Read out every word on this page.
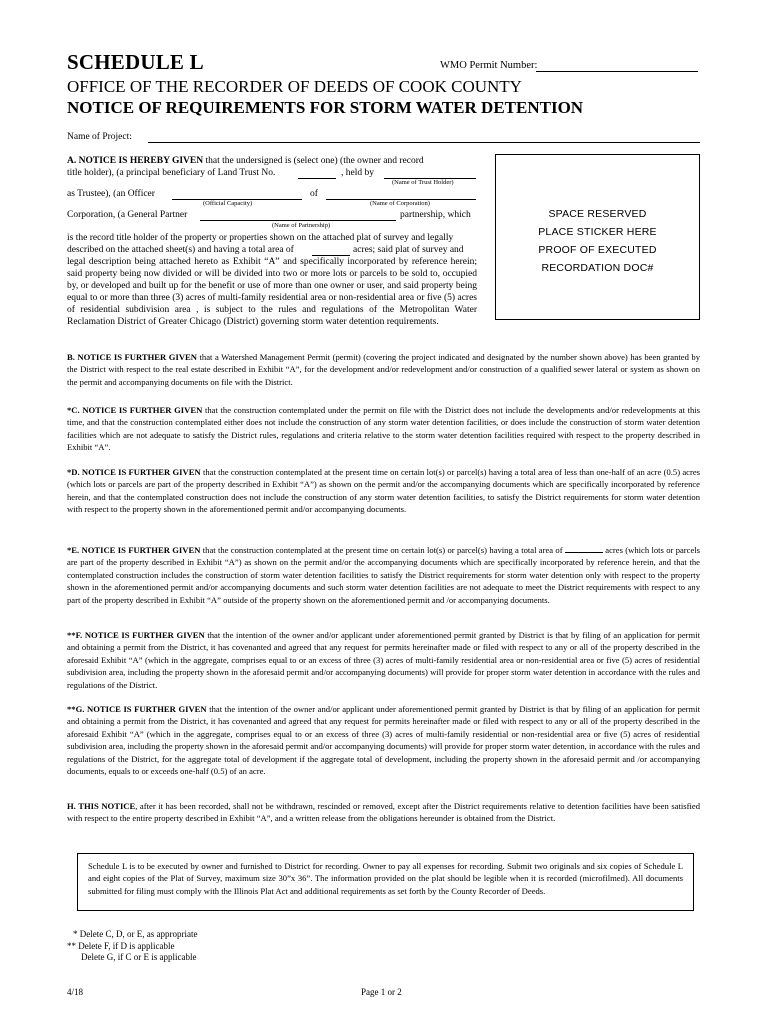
SCHEDULE L	WMO Permit Number:
OFFICE OF THE RECORDER OF DEEDS OF COOK COUNTY
NOTICE OF REQUIREMENTS FOR STORM WATER DETENTION
Name of Project:
A. NOTICE IS HEREBY GIVEN that the undersigned is (select one) (the owner and record
title holder), (a principal beneficiary of Land Trust No.	, held by
(Name of Trust Holder)
as Trustee), (an Officer	of
(Official Capacity)	(Name of Corporation)
Corporation, (a General Partner	partnership, which
(Name of Partnership)
is the record title holder of the property or properties shown on the attached plat of survey and legally
described on the attached sheet(s) and having a total area of	acres; said plat of survey and
legal description being attached hereto as Exhibit “A” and specifically incorporated by reference herein; said property being now divided or will be divided into two or more lots or parcels to be sold to, occupied by, or developed and built up for the benefit or use of more than one owner or user, and said property being equal to or more than three (3) acres of multi-family residential area or non-residential area or five (5) acres of residential subdivision area , is subject to the rules and regulations of the Metropolitan Water Reclamation District of Greater Chicago (District) governing storm water detention requirements.
SPACE RESERVED
PLACE STICKER HERE
PROOF OF EXECUTED
RECORDATION DOC#
B. NOTICE IS FURTHER GIVEN that a Watershed Management Permit (permit) (covering the project indicated and designated by the number shown above) has been granted by the District with respect to the real estate described in Exhibit “A”, for the development and/or redevelopment and/or construction of a qualified sewer lateral or system as shown on the permit and accompanying documents on file with the District.
*C. NOTICE IS FURTHER GIVEN that the construction contemplated under the permit on file with the District does not include the developments and/or redevelopments at this time, and that the construction contemplated either does not include the construction of any storm water detention facilities, or does include the construction of storm water detention facilities which are not adequate to satisfy the District rules, regulations and criteria relative to the storm water detention facilities required with respect to the property described in Exhibit “A”.
*D. NOTICE IS FURTHER GIVEN that the construction contemplated at the present time on certain lot(s) or parcel(s) having a total area of less than one-half of an acre (0.5) acres (which lots or parcels are part of the property described in Exhibit “A”) as shown on the permit and/or the accompanying documents which are specifically incorporated by reference herein, and that the contemplated construction does not include the construction of any storm water detention facilities, to satisfy the District requirements for storm water detention with respect to the property shown in the aforementioned permit and/or accompanying documents.
*E. NOTICE IS FURTHER GIVEN that the construction contemplated at the present time on certain lot(s) or parcel(s) having a total area of	acres (which lots or parcels are part of the property described in Exhibit “A”) as shown on the permit and/or the accompanying documents which are specifically incorporated by reference herein, and that the contemplated construction includes the construction of storm water detention facilities to satisfy the District requirements for storm water detention only with respect to the property shown in the aforementioned permit and/or accompanying documents and such storm water detention facilities are not adequate to meet the District requirements with respect to any part of the property described in Exhibit “A” outside of the property shown on the aforementioned permit and /or accompanying documents.
**F. NOTICE IS FURTHER GIVEN that the intention of the owner and/or applicant under aforementioned permit granted by District is that by filing of an application for permit and obtaining a permit from the District, it has covenanted and agreed that any request for permits hereinafter made or filed with respect to any or all of the property described in the aforesaid Exhibit “A” (which in the aggregate, comprises equal to or an excess of three (3) acres of multi-family residential area or non-residential area or five (5) acres of residential subdivision area, including the property shown in the aforesaid permit and/or accompanying documents) will provide for proper storm water detention in accordance with the rules and regulations of the District.
**G. NOTICE IS FURTHER GIVEN that the intention of the owner and/or applicant under aforementioned permit granted by District is that by filing of an application for permit and obtaining a permit from the District, it has covenanted and agreed that any request for permits hereinafter made or filed with respect to any or all of the property described in the aforesaid Exhibit “A” (which in the aggregate, comprises equal to or an excess of three (3) acres of multi-family residential or non-residential area or five (5) acres of residential subdivision area, including the property shown in the aforesaid permit and/or accompanying documents) will provide for proper storm water detention, in accordance with the rules and regulations of the District, for the aggregate total of development if the aggregate total of development, including the property shown in the aforesaid permit and /or accompanying documents, equals to or exceeds one-half (0.5) of an acre.
H. THIS NOTICE, after it has been recorded, shall not be withdrawn, rescinded or removed, except after the District requirements relative to detention facilities have been satisfied with respect to the entire property described in Exhibit “A”, and a written release from the obligations hereunder is obtained from the District.
Schedule L is to be executed by owner and furnished to District for recording. Owner to pay all expenses for recording. Submit two originals and six copies of Schedule L and eight copies of the Plat of Survey, maximum size 30”x 36”. The information provided on the plat should be legible when it is recorded (microfilmed). All documents submitted for filing must comply with the Illinois Plat Act and additional requirements as set forth by the County Recorder of Deeds.
* Delete C, D, or E, as appropriate
** Delete F, if D is applicable
Delete G, if C or E is applicable
4/18	Page 1 or 2
